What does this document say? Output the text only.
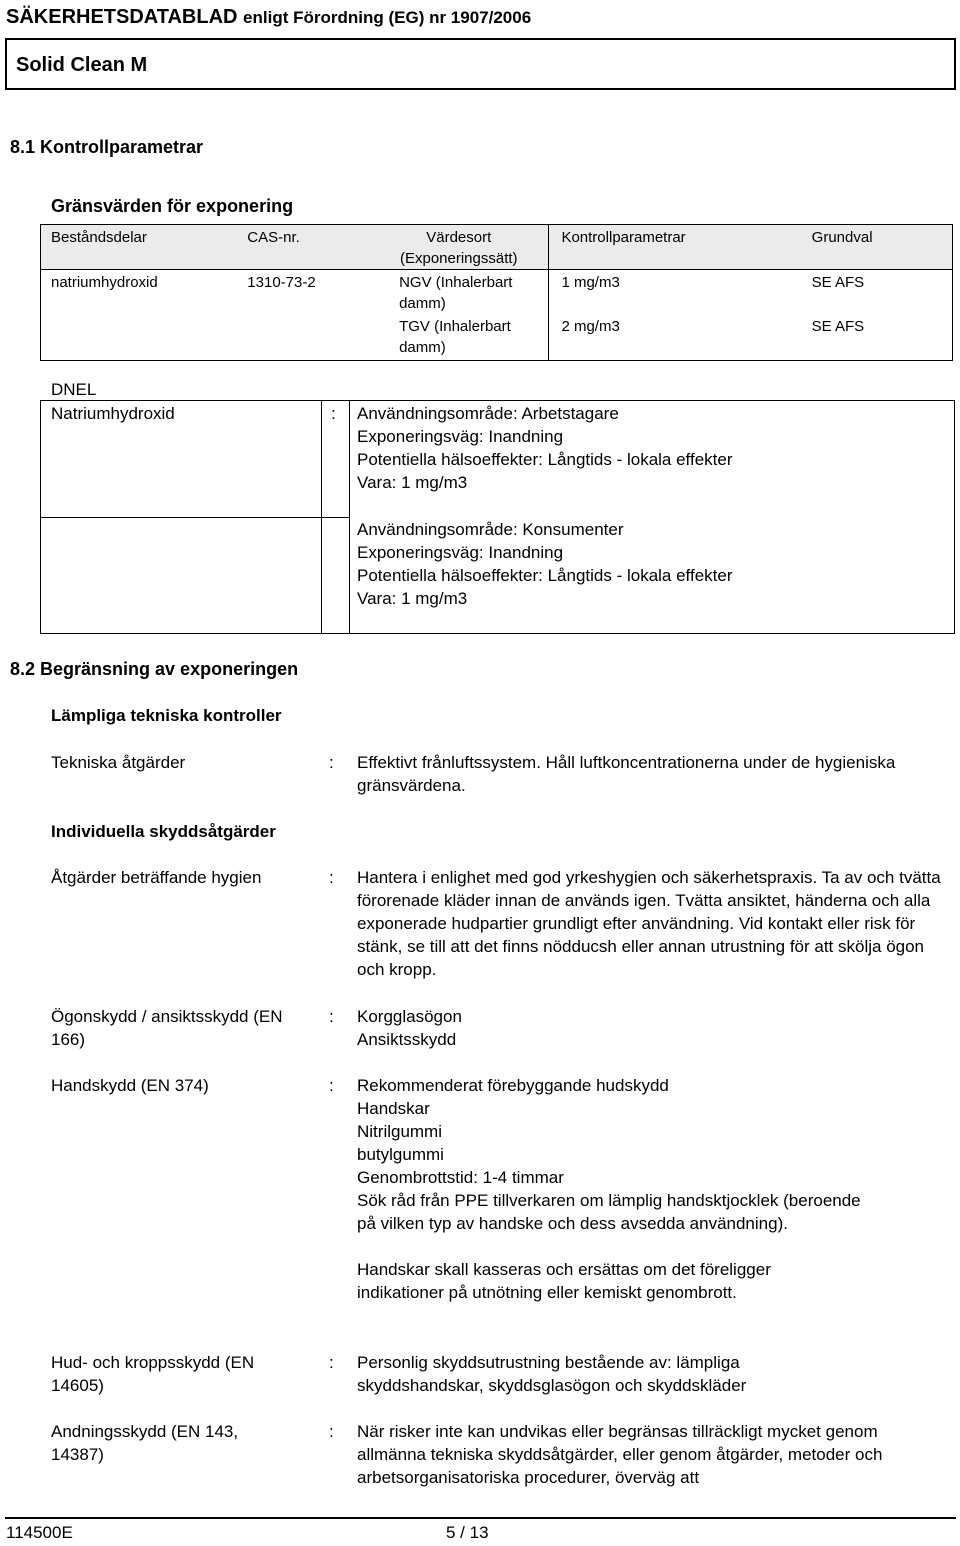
SÄKERHETSDATABLAD enligt Förordning (EG) nr 1907/2006
Solid Clean M
8.1 Kontrollparametrar
Gränsvärden för exponering
Beståndsdelar	CAS-nr.	Värdesort (Exponeringssätt)	Kontrollparametrar	Grundval
natriumhydroxid	1310-73-2	NGV (Inhalerbart damm)	1 mg/m3	SE AFS
		TGV (Inhalerbart damm)	2 mg/m3	SE AFS
DNEL
Natriumhydroxid	: Användningsområde: Arbetstagare
Exponeringsväg: Inandning
Potentiella hälsoeffekter: Långtids - lokala effekter
Vara: 1 mg/m3
Användningsområde: Konsumenter
Exponeringsväg: Inandning
Potentiella hälsoeffekter: Långtids - lokala effekter
Vara: 1 mg/m3
8.2 Begränsning av exponeringen
Lämpliga tekniska kontroller
Tekniska åtgärder	: Effektivt frånluftssystem. Håll luftkoncentrationerna under de hygieniska gränsvärdena.
Individuella skyddsåtgärder
Åtgärder beträffande hygien	: Hantera i enlighet med god yrkeshygien och säkerhetspraxis. Ta av och tvätta förorenade kläder innan de används igen. Tvätta ansiktet, händerna och alla exponerade hudpartier grundligt efter användning. Vid kontakt eller risk för stänk, se till att det finns nödducsh eller annan utrustning för att skölja ögon och kropp.
Ögonskydd / ansiktsskydd (EN 166)
: Korgglasögon
Ansiktsskydd
Handskydd (EN 374)	: Rekommenderat förebyggande hudskydd
Handskar
Nitrilgummi
butylgummi
Genombrottstid: 1-4 timmar
Sök råd från PPE tillverkaren om lämplig handsktjocklek (beroende på vilken typ av handske och dess avsedda användning).
Handskar skall kasseras och ersättas om det föreligger indikationer på utnötning eller kemiskt genombrott.
Hud- och kroppsskydd (EN 14605)
: Personlig skyddsutrustning bestående av: lämpliga skyddshandskar, skyddsglasögon och skyddskläder
Andningsskydd (EN 143, 14387)
: När risker inte kan undvikas eller begränsas tillräckligt mycket genom allmänna tekniska skyddsåtgärder, eller genom åtgärder, metoder och arbetsorganisatoriska procedurer, överväg att
114500E	5 / 13
